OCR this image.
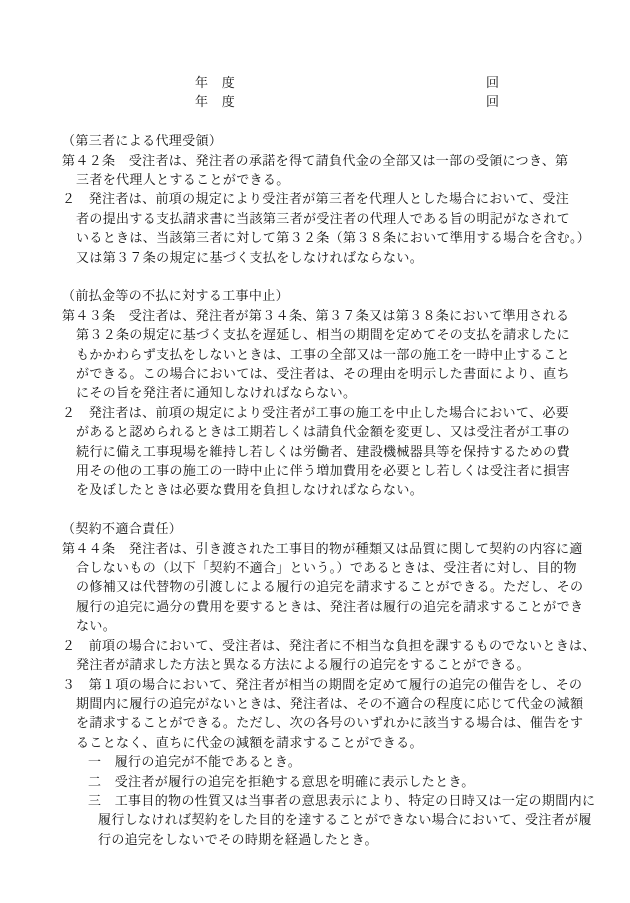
年　度	回
年　度	回
（第三者による代理受領）
第４２条　受注者は、発注者の承諾を得て請負代金の全部又は一部の受領につき、第
三者を代理人とすることができる。
２　発注者は、前項の規定により受注者が第三者を代理人とした場合において、受注
者の提出する支払請求書に当該第三者が受注者の代理人である旨の明記がなされて
いるときは、当該第三者に対して第３２条（第３８条において準用する場合を含む。）
又は第３７条の規定に基づく支払をしなければならない。
（前払金等の不払に対する工事中止）
第４３条　受注者は、発注者が第３４条、第３７条又は第３８条において準用される
第３２条の規定に基づく支払を遅延し、相当の期間を定めてその支払を請求したに
もかかわらず支払をしないときは、工事の全部又は一部の施工を一時中止すること
ができる。この場合においては、受注者は、その理由を明示した書面により、直ち
にその旨を発注者に通知しなければならない。
２　発注者は、前項の規定により受注者が工事の施工を中止した場合において、必要
があると認められるときは工期若しくは請負代金額を変更し、又は受注者が工事の
続行に備え工事現場を維持し若しくは労働者、建設機械器具等を保持するための費
用その他の工事の施工の一時中止に伴う増加費用を必要とし若しくは受注者に損害
を及ぼしたときは必要な費用を負担しなければならない。
（契約不適合責任）
第４４条　発注者は、引き渡された工事目的物が種類又は品質に関して契約の内容に適
合しないもの（以下「契約不適合」という。）であるときは、受注者に対し、目的物
の修補又は代替物の引渡しによる履行の追完を請求することができる。ただし、その
履行の追完に過分の費用を要するときは、発注者は履行の追完を請求することができ
ない。
２　前項の場合において、受注者は、発注者に不相当な負担を課するものでないときは、
発注者が請求した方法と異なる方法による履行の追完をすることができる。
３　第１項の場合において、発注者が相当の期間を定めて履行の追完の催告をし、その
期間内に履行の追完がないときは、発注者は、その不適合の程度に応じて代金の減額
を請求することができる。ただし、次の各号のいずれかに該当する場合は、催告をす
ることなく、直ちに代金の減額を請求することができる。
一　履行の追完が不能であるとき。
二　受注者が履行の追完を拒絶する意思を明確に表示したとき。
三　工事目的物の性質又は当事者の意思表示により、特定の日時又は一定の期間内に
履行しなければ契約をした目的を達することができない場合において、受注者が履
行の追完をしないでその時期を経過したとき。
